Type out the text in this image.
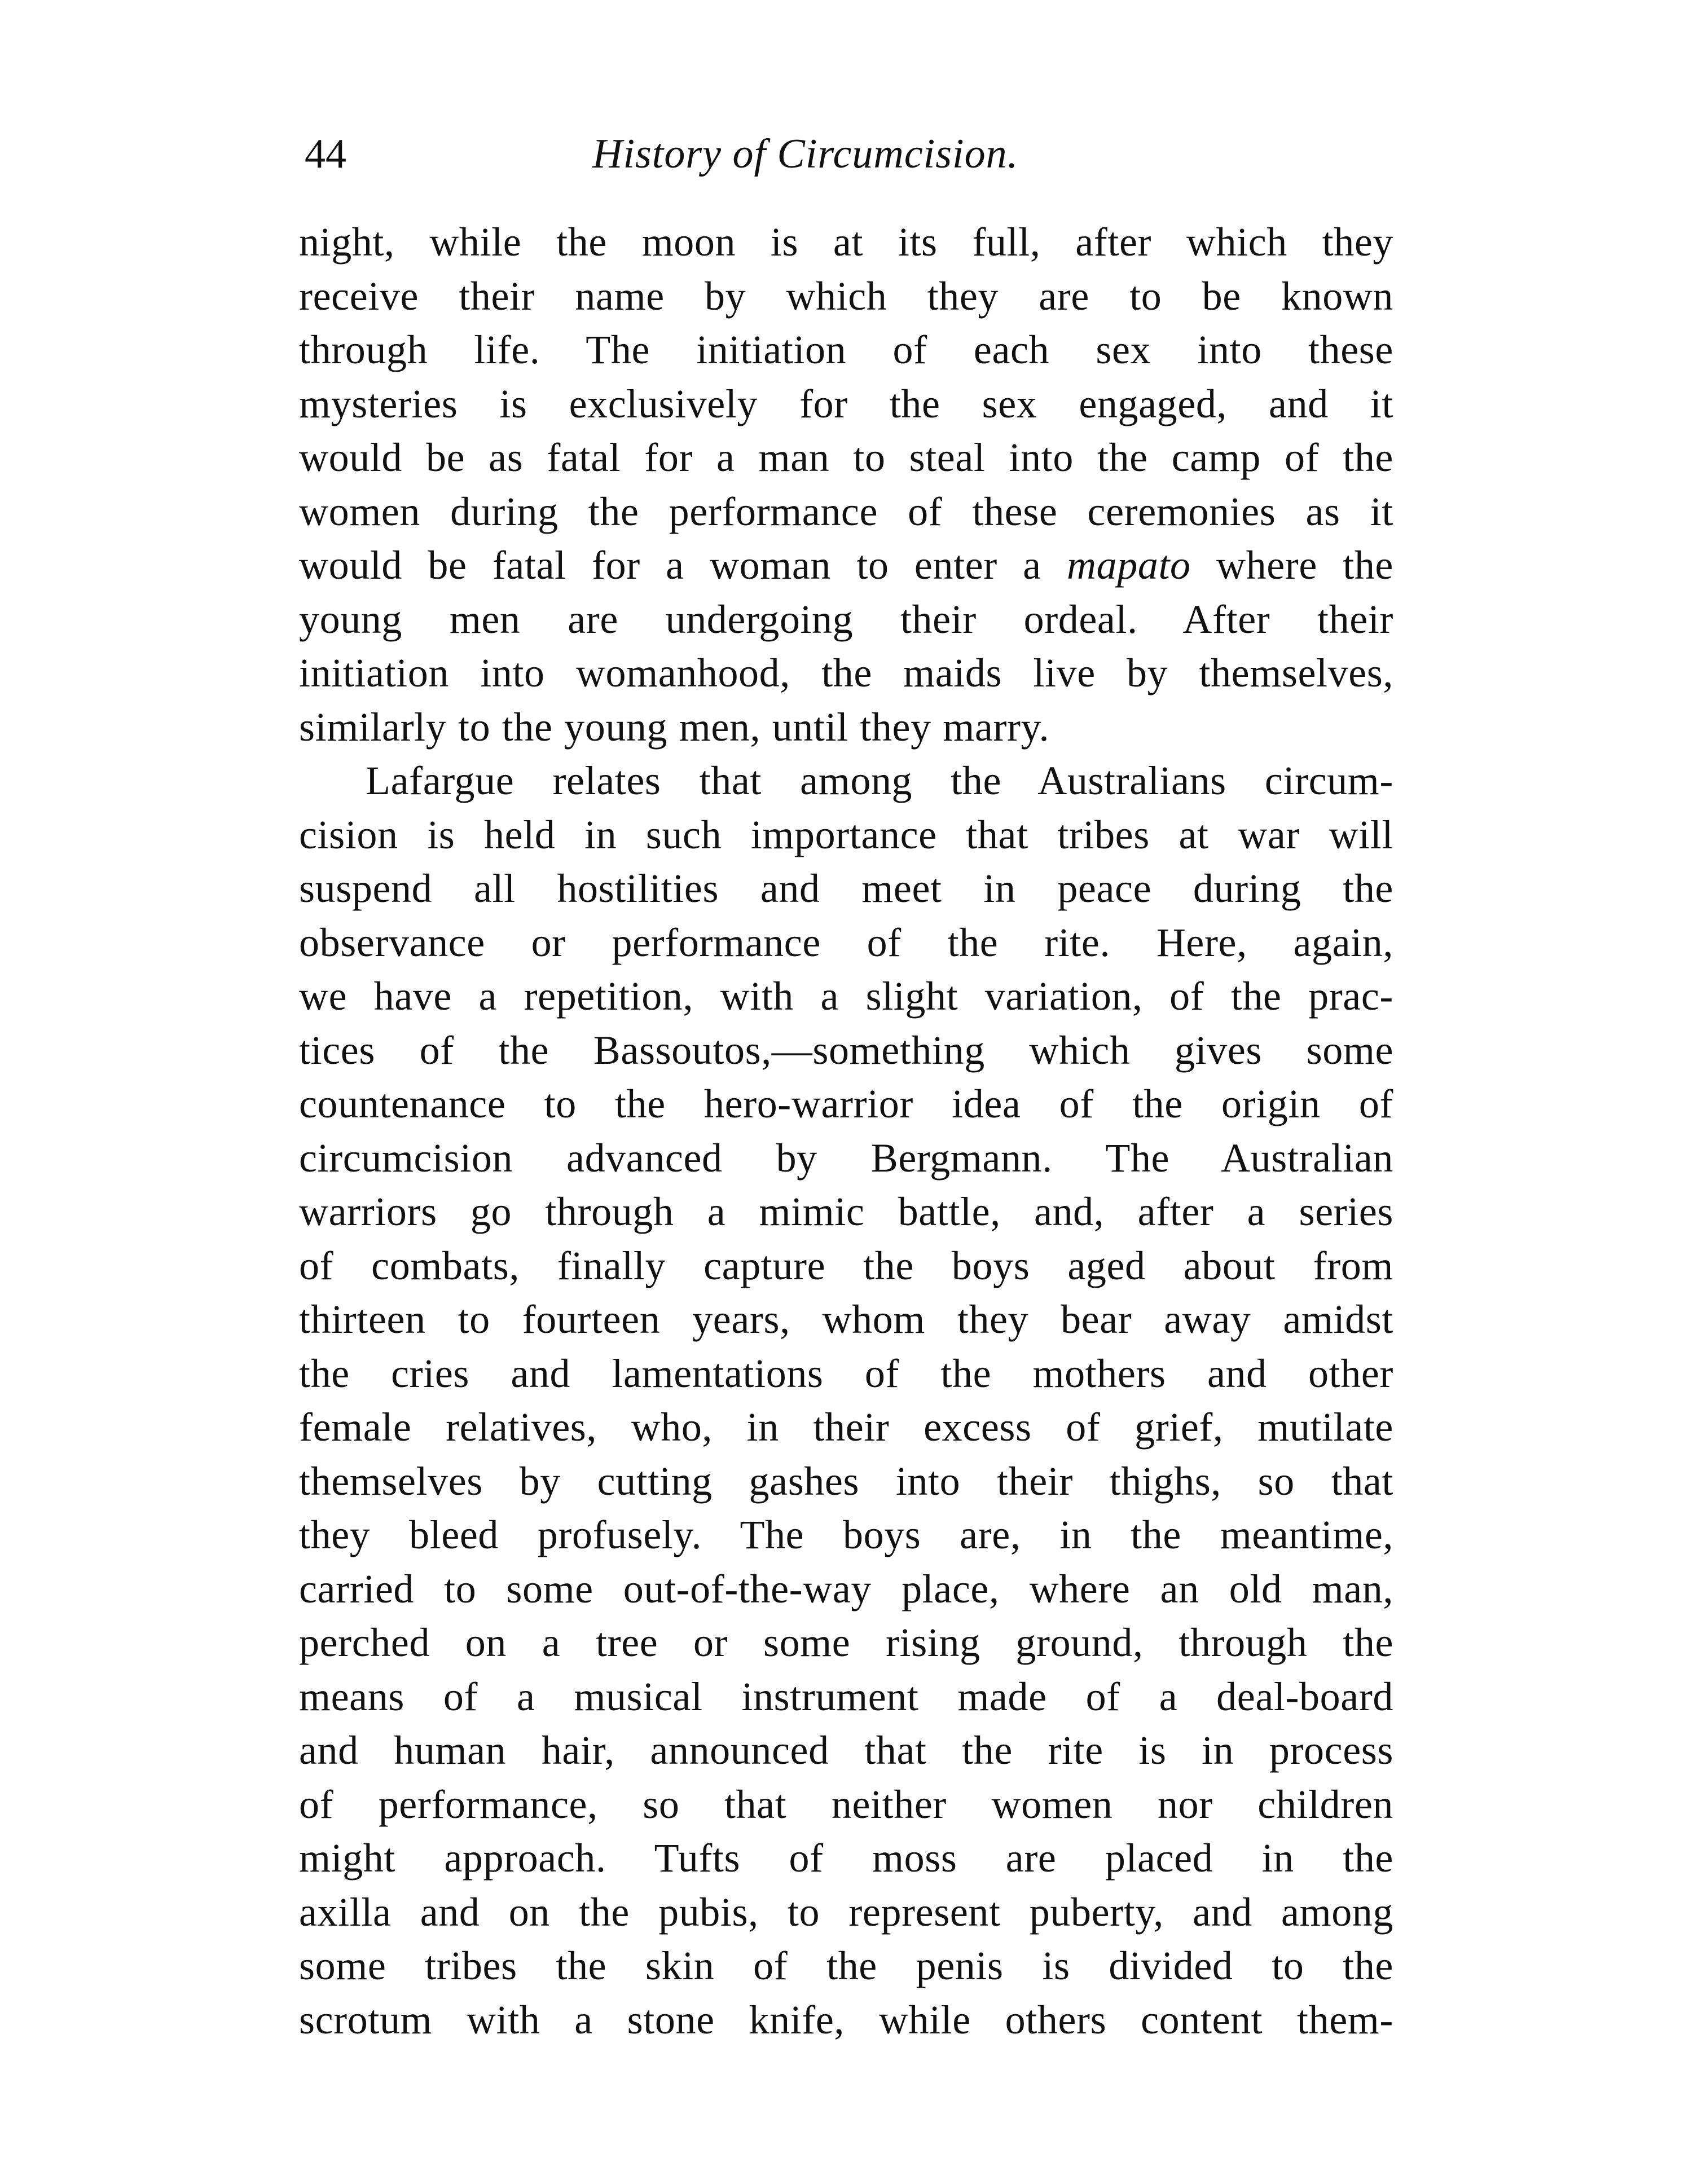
44	History of Circumcision.
night, while the moon is at its full, after which they
receive their name by which they are to be known
through life. The initiation of each sex into these
mysteries is exclusively for the sex engaged, and it
would be as fatal for a man to steal into the camp of the
women during the performance of these ceremonies as it
would be fatal for a woman to enter a mapato where the
young men are undergoing their ordeal. After their
initiation into womanhood, the maids live by themselves,
similarly to the young men, until they marry.
Lafargue relates that among the Australians circum-
cision is held in such importance that tribes at war will
suspend all hostilities and meet in peace during the
observance or performance of the rite. Here, again,
we have a repetition, with a slight variation, of the prac-
tices of the Bassoutos,—something which gives some
countenance to the hero-warrior idea of the origin of
circumcision advanced by Bergmann. The Australian
warriors go through a mimic battle, and, after a series
of combats, finally capture the boys aged about from
thirteen to fourteen years, whom they bear away amidst
the cries and lamentations of the mothers and other
female relatives, who, in their excess of grief, mutilate
themselves by cutting gashes into their thighs, so that
they bleed profusely. The boys are, in the meantime,
carried to some out-of-the-way place, where an old man,
perched on a tree or some rising ground, through the
means of a musical instrument made of a deal-board
and human hair, announced that the rite is in process
of performance, so that neither women nor children
might approach. Tufts of moss are placed in the
axilla and on the pubis, to represent puberty, and among
some tribes the skin of the penis is divided to the
scrotum with a stone knife, while others content them-
